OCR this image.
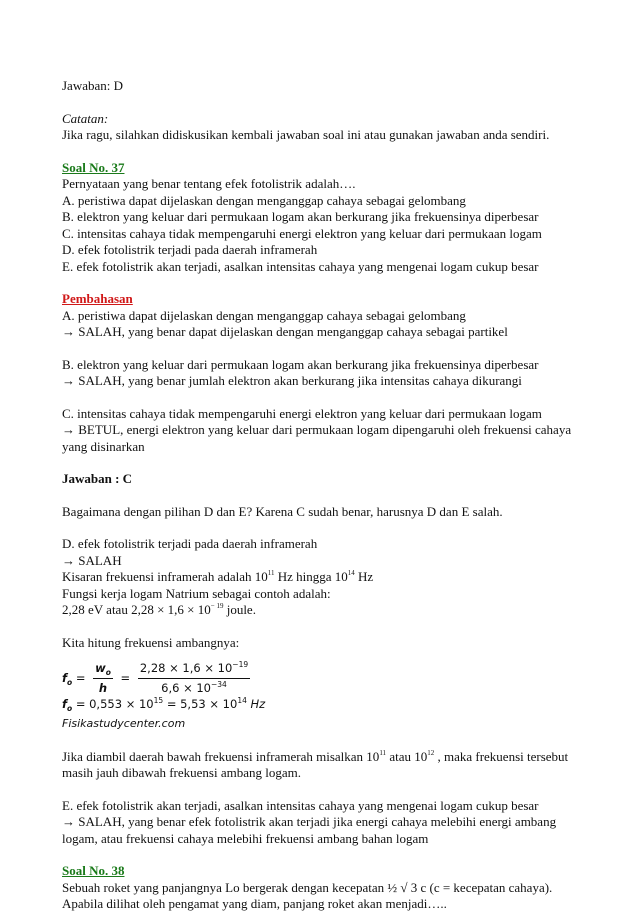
Jawaban: D

Catatan:

Jika ragu, silahkan didiskusikan kembali jawaban soal ini atau gunakan jawaban anda sendiri.

Soal No. 37

Pernyataan yang benar tentang efek fotolistrik adalah….

A. peristiwa dapat dijelaskan dengan menganggap cahaya sebagai gelombang

B. elektron yang keluar dari permukaan logam akan berkurang jika frekuensinya diperbesar

C. intensitas cahaya tidak mempengaruhi energi elektron yang keluar dari permukaan logam

D. efek fotolistrik terjadi pada daerah inframerah

E. efek fotolistrik akan terjadi, asalkan intensitas cahaya yang mengenai logam cukup besar

Pembahasan

A. peristiwa dapat dijelaskan dengan menganggap cahaya sebagai gelombang

→ SALAH, yang benar dapat dijelaskan dengan menganggap cahaya sebagai partikel

B. elektron yang keluar dari permukaan logam akan berkurang jika frekuensinya diperbesar

→ SALAH, yang benar jumlah elektron akan berkurang jika intensitas cahaya dikurangi

C. intensitas cahaya tidak mempengaruhi energi elektron yang keluar dari permukaan logam

→ BETUL, energi elektron yang keluar dari permukaan logam dipengaruhi oleh frekuensi cahaya

yang disinarkan

Jawaban : C

Bagaimana dengan pilihan D dan E? Karena C sudah benar, harusnya D dan E salah.

D. efek fotolistrik terjadi pada daerah inframerah

→ SALAH

Kisaran frekuensi inframerah adalah $10^{11}$ Hz hingga $10^{14}$ Hz

Fungsi kerja logam Natrium sebagai contoh adalah:

2,28 eV atau $2,28 \times 1,6 \times 10^{- 19}$ joule.

Kita hitung frekuensi ambangnya:

$f_o = \frac{w_o}{h} = \frac{2,28 \times 1,6 \times 10^{-19}}{6,6 \times 10^{-34}}$
$f_o = 0,553 \times 10^{15} = 5,53 \times 10^{14}$ Hz
Fisikastudycenter.com

Jika diambil daerah bawah frekuensi inframerah misalkan $10^{11}$ atau $10^{12}$ , maka frekuensi tersebut

masih jauh dibawah frekuensi ambang logam.

E. efek fotolistrik akan terjadi, asalkan intensitas cahaya yang mengenai logam cukup besar

→ SALAH, yang benar efek fotolistrik akan terjadi jika energi cahaya melebihi energi ambang

logam, atau frekuensi cahaya melebihi frekuensi ambang bahan logam

Soal No. 38

Sebuah roket yang panjangnya Lo bergerak dengan kecepatan ½ √ 3 c (c = kecepatan cahaya).

Apabila dilihat oleh pengamat yang diam, panjang roket akan menjadi…..
